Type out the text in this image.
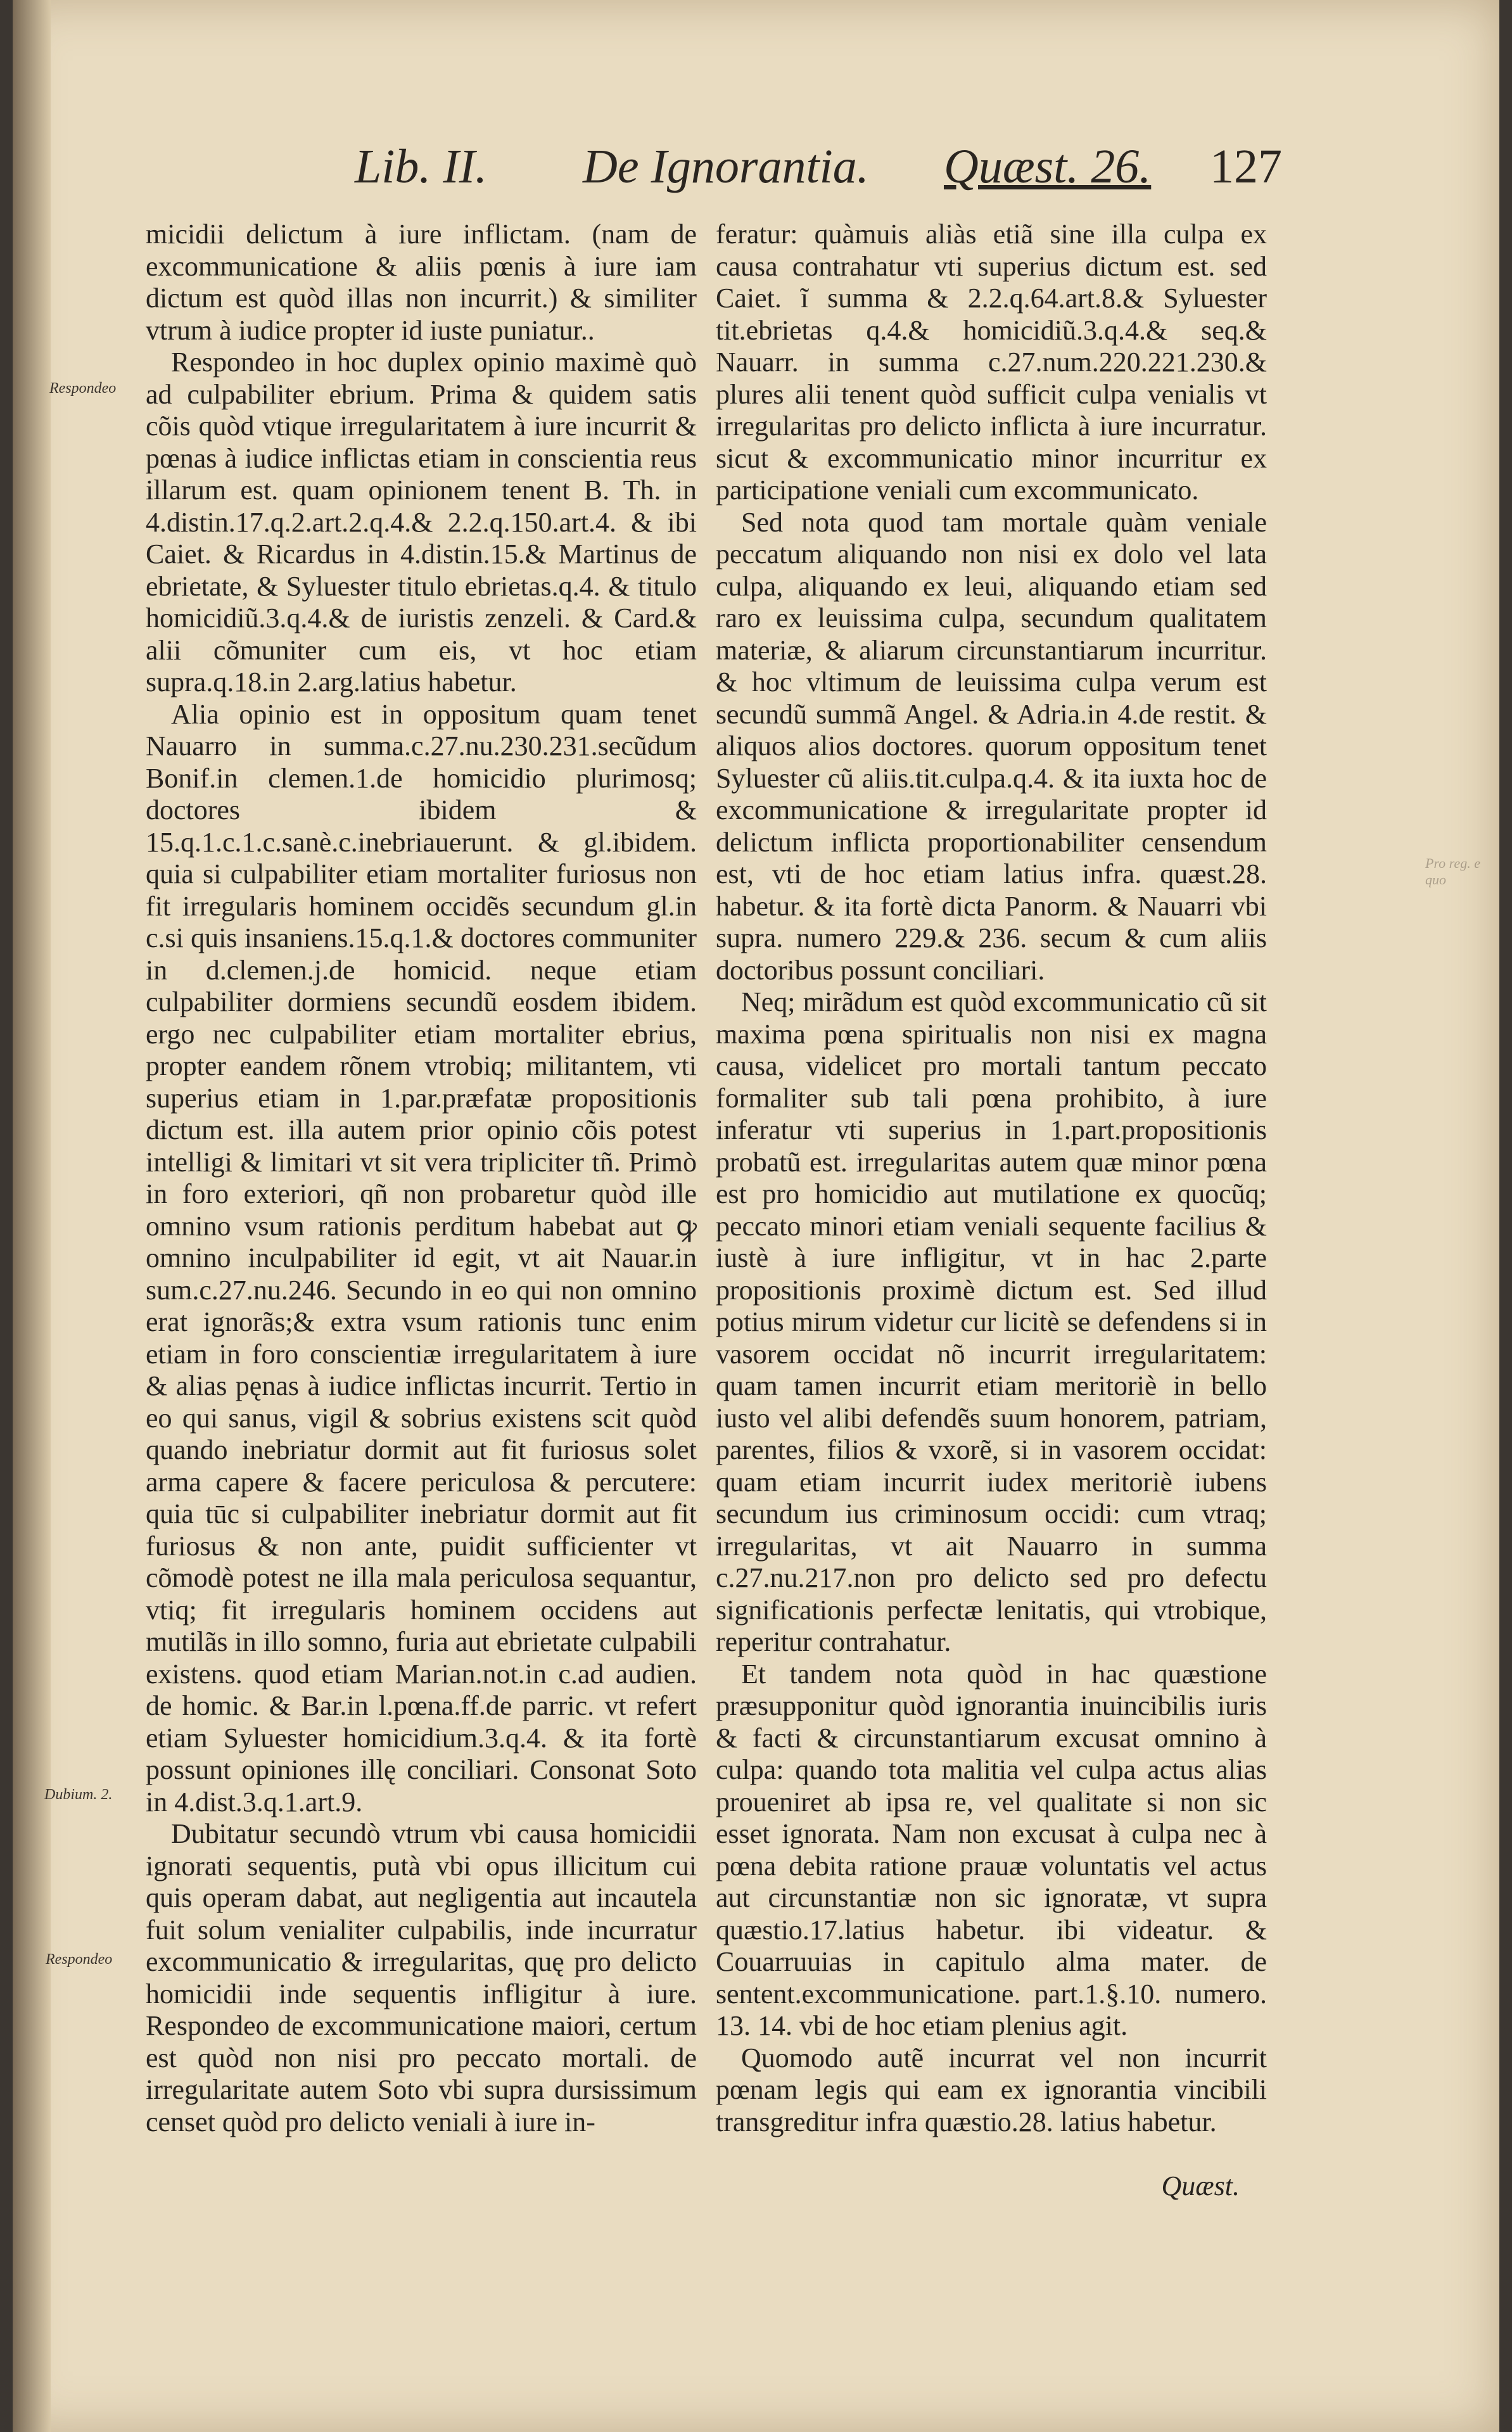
Lib. II. De Ignorantia. Quæst. 26. 127
Respondeo
Dubium. 2.
Respondeo
Pro reg. e quo

micidii delictum à iure inflictam. (nam de excommunicatione & aliis pœnis à iure iam dictum est quòd illas non incurrit.) & similiter vtrum à iudice propter id iuste puniatur..

Respondeo in hoc duplex opinio maximè quò ad culpabiliter ebrium. Prima & quidem satis cõis quòd vtique irregularitatem à iure incurrit & pœnas à iudice inflictas etiam in conscientia reus illarum est. quam opinionem tenent B. Th. in 4.distin.17.q.2.art.2.q.4.& 2.2.q.150.art.4. & ibi Caiet. & Ricardus in 4.distin.15.& Martinus de ebrietate, & Syluester titulo ebrietas.q.4. & titulo homicidiũ.3.q.4.& de iuristis zenzeli. & Card.& alii cõmuniter cum eis, vt hoc etiam supra.q.18.in 2.arg.latius habetur.

Alia opinio est in oppositum quam tenet Nauarro in summa.c.27.nu.230.231.secũdum Bonif.in clemen.1.de homicidio plurimosq; doctores ibidem & 15.q.1.c.1.c.sanè.c.inebriauerunt. & gl.ibidem. quia si culpabiliter etiam mortaliter furiosus non fit irregularis hominem occidẽs secundum gl.in c.si quis insaniens.15.q.1.& doctores communiter in d.clemen.j.de homicid. neque etiam culpabiliter dormiens secundũ eosdem ibidem. ergo nec culpabiliter etiam mortaliter ebrius, propter eandem rõnem vtrobiq; militantem, vti superius etiam in 1.par.præfatæ propositionis dictum est. illa autem prior opinio cõis potest intelligi & limitari vt sit vera tripliciter tñ. Primò in foro exteriori, qñ non probaretur quòd ille omnino vsum rationis perditum habebat aut ꝙ omnino inculpabiliter id egit, vt ait Nauar.in sum.c.27.nu.246. Secundo in eo qui non omnino erat ignorãs;& extra vsum rationis tunc enim etiam in foro conscientiæ irregularitatem à iure & alias pęnas à iudice inflictas incurrit. Tertio in eo qui sanus, vigil & sobrius existens scit quòd quando inebriatur dormit aut fit furiosus solet arma capere & facere periculosa & percutere: quia tūc si culpabiliter inebriatur dormit aut fit furiosus & non ante, puidit sufficienter vt cõmodè potest ne illa mala periculosa sequantur, vtiq; fit irregularis hominem occidens aut mutilãs in illo somno, furia aut ebrietate culpabili existens. quod etiam Marian.not.in c.ad audien. de homic. & Bar.in l.pœna.ff.de parric. vt refert etiam Syluester homicidium.3.q.4. & ita fortè possunt opiniones illę conciliari. Consonat Soto in 4.dist.3.q.1.art.9.

Dubitatur secundò vtrum vbi causa homicidii ignorati sequentis, putà vbi opus illicitum cui quis operam dabat, aut negligentia aut incautela fuit solum venialiter culpabilis, inde incurratur excommunicatio & irregularitas, quę pro delicto homicidii inde sequentis infligitur à iure. Respondeo de excommunicatione maiori, certum est quòd non nisi pro peccato mortali. de irregularitate autem Soto vbi supra dursissimum censet quòd pro delicto veniali à iure in-

feratur: quàmuis aliàs etiã sine illa culpa ex causa contrahatur vti superius dictum est. sed Caiet. ĩ summa & 2.2.q.64.art.8.& Syluester tit.ebrietas q.4.& homicidiũ.3.q.4.& seq.& Nauarr. in summa c.27.num.220.221.230.& plures alii tenent quòd sufficit culpa venialis vt irregularitas pro delicto inflicta à iure incurratur. sicut & excommunicatio minor incurritur ex participatione veniali cum excommunicato.

Sed nota quod tam mortale quàm veniale peccatum aliquando non nisi ex dolo vel lata culpa, aliquando ex leui, aliquando etiam sed raro ex leuissima culpa, secundum qualitatem materiæ, & aliarum circunstantiarum incurritur. & hoc vltimum de leuissima culpa verum est secundũ summã Angel. & Adria.in 4.de restit. & aliquos alios doctores. quorum oppositum tenet Syluester cũ aliis.tit.culpa.q.4. & ita iuxta hoc de excommunicatione & irregularitate propter id delictum inflicta proportionabiliter censendum est, vti de hoc etiam latius infra. quæst.28. habetur. & ita fortè dicta Panorm. & Nauarri vbi supra. numero 229.& 236. secum & cum aliis doctoribus possunt conciliari.

Neq; mirãdum est quòd excommunicatio cũ sit maxima pœna spiritualis non nisi ex magna causa, videlicet pro mortali tantum peccato formaliter sub tali pœna prohibito, à iure inferatur vti superius in 1.part.propositionis probatũ est. irregularitas autem quæ minor pœna est pro homicidio aut mutilatione ex quocũq; peccato minori etiam veniali sequente facilius & iustè à iure infligitur, vt in hac 2.parte propositionis proximè dictum est. Sed illud potius mirum videtur cur licitè se defendens si in vasorem occidat nõ incurrit irregularitatem: quam tamen incurrit etiam meritoriè in bello iusto vel alibi defendẽs suum honorem, patriam, parentes, filios & vxorẽ, si in vasorem occidat: quam etiam incurrit iudex meritoriè iubens secundum ius criminosum occidi: cum vtraq; irregularitas, vt ait Nauarro in summa c.27.nu.217.non pro delicto sed pro defectu significationis perfectæ lenitatis, qui vtrobique, reperitur contrahatur.

Et tandem nota quòd in hac quæstione præsupponitur quòd ignorantia inuincibilis iuris & facti & circunstantiarum excusat omnino à culpa: quando tota malitia vel culpa actus alias proueniret ab ipsa re, vel qualitate si non sic esset ignorata. Nam non excusat à culpa nec à pœna debita ratione prauæ voluntatis vel actus aut circunstantiæ non sic ignoratæ, vt supra quæstio.17.latius habetur. ibi videatur. & Couarruuias in capitulo alma mater. de sentent.excommunicatione. part.1.§.10. numero. 13. 14. vbi de hoc etiam plenius agit.

Quomodo autẽ incurrat vel non incurrit pœnam legis qui eam ex ignorantia vincibili transgreditur infra quæstio.28. latius habetur.

Quæst.
